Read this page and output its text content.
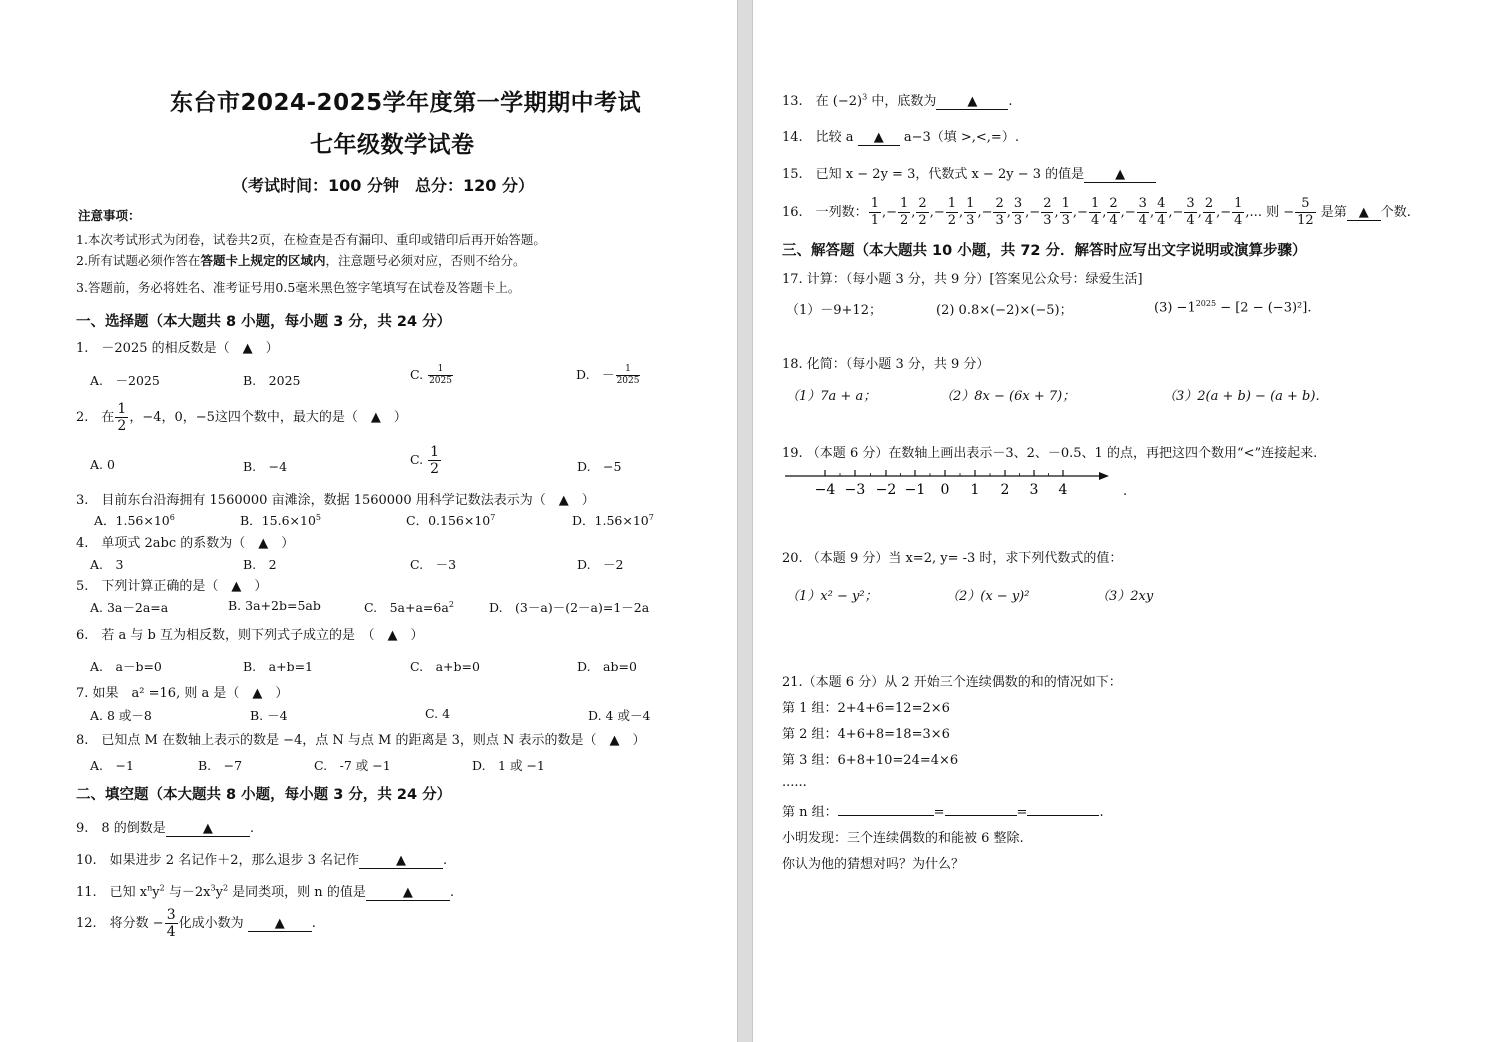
东台市2024-2025学年度第一学期期中考试
七年级数学试卷
（考试时间：100 分钟　总分：120 分）
注意事项：
1.本次考试形式为闭卷，试卷共2页，在检查是否有漏印、重印或错印后再开始答题。
2.所有试题必须作答在答题卡上规定的区域内，注意题号必须对应，否则不给分。
3.答题前，务必将姓名、准考证号用0.5毫米黑色签字笔填写在试卷及答题卡上。
一、选择题（本大题共 8 小题，每小题 3 分，共 24 分）
1.　－2025 的相反数是（　▲　）
A.　－2025	B.　2025	C. $\frac{1}{2025}$	D.　－ $\frac{1}{2025}$
2.　在 $\frac{1}{2}$ ，−4，0，−5这四个数中，最大的是（　▲　）
A. 0	B.　−4	C. $\frac{1}{2}$	D.　−5
3.　目前东台沿海拥有 1560000 亩滩涂，数据 1560000 用科学记数法表示为（　▲　）
A．$1.56\times 10^6$	B．$15.6\times 10^5$	C．$0.156\times 10^7$	D．$1.56\times 10^7$
4.　单项式 2abc 的系数为（　▲　）
A.　3	B.　2	C.　－3	D.　－2
5.　下列计算正确的是（　▲　）
A. 3a－2a=a	B. 3a+2b=5ab	C.　$5a+a=6a^2$	D.　(3－a)－(2－a)=1－2a
6.　若 a 与 b 互为相反数，则下列式子成立的是　（　▲　）
A.　a－b=0	B.　a+b=1	C.　a+b=0	D.　ab=0
7. 如果　a² =16, 则 a 是（　▲　）
A. 8 或－8	B. －4	C. 4	D. 4 或－4
8.　已知点 M 在数轴上表示的数是 −4，点 N 与点 M 的距离是 3，则点 N 表示的数是（　▲　）
A.　−1	B.　−7	C.　-7 或 −1	D.　1 或 −1
二、填空题（本大题共 8 小题，每小题 3 分，共 24 分）
9.　8 的倒数是	▲	.
10.　如果进步 2 名记作＋2，那么退步 3 名记作	▲	.
11.　已知 $x^ny^2$ 与$-2x^3y^2$ 是同类项，则 n 的值是	▲	.
12.　将分数 − $\frac{3}{4}$ 化成小数为 ▲ .
13.　在 $(-2)^3$ 中，底数为 ▲ .
14.　比较 a ▲ a−3（填 >,<,=）.
15.　已知 x − 2y = 3，代数式 x − 2y − 3 的值是 ▲
16.　一列数： $\frac{1}{1}$ ,− $\frac{1}{2}$ , $\frac{2}{2}$ ,− $\frac{1}{2}$ , $\frac{1}{3}$ ,− $\frac{2}{3}$ , $\frac{3}{3}$ ,− $\frac{2}{3}$ , $\frac{1}{3}$ ,− $\frac{1}{4}$ , $\frac{2}{4}$ ,− $\frac{3}{4}$ , $\frac{4}{4}$ ,− $\frac{3}{4}$ , $\frac{2}{4}$ ,− $\frac{1}{4}$ ,... 则 − $\frac{5}{12}$ 是第 ▲ 个数.
三、解答题（本大题共 10 小题，共 72 分．解答时应写出文字说明或演算步骤）
17. 计算：（每小题 3 分，共 9 分）[答案见公众号：绿爱生活]
（1）－9+12；	(2) 0.8×(−2)×(−5)；	$(3) -1^{2025} - [2 - (-3)^2]$.
18. 化简：（每小题 3 分，共 9 分）
（1）7a + a；	（2）8x − (6x + 7)；	（3）2(a + b) − (a + b).
19. （本题 6 分）在数轴上画出表示－3、2、－0.5、1 的点，再把这四个数用“<”连接起来.
−4 −3 −2 −1 0 1 2 3 4	.
20. （本题 9 分）当 x=2, y= -3 时，求下列代数式的值：
（1）x² − y²；	（2）(x − y)²	（3）2xy
21.（本题 6 分）从 2 开始三个连续偶数的和的情况如下：
第 1 组：2+4+6=12=2×6
第 2 组：4+6+8=18=3×6
第 3 组：6+8+10=24=4×6
......
第 n 组：	=	=	.
小明发现：三个连续偶数的和能被 6 整除.
你认为他的猜想对吗？为什么？
